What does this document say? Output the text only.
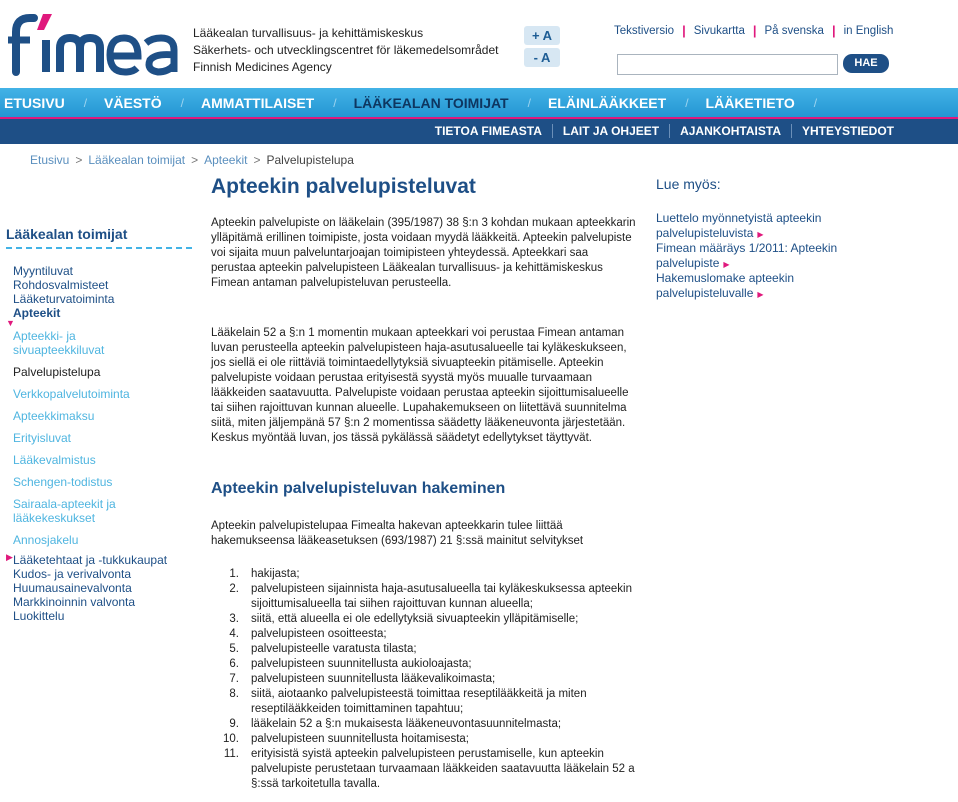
Lääkealan turvallisuus- ja kehittämiskeskus
Säkerhets- och utvecklingscentret för läkemedelsområdet
Finnish Medicines Agency
+ A
- A
Tekstiversio | Sivukartta | På svenska | in English
HAE
ETUSIVU	/ VÄESTÖ	/ AMMATTILAISET	/ LÄÄKEALAN TOIMIJAT	/ ELÄINLÄÄKKEET	/ LÄÄKETIETO	/
TIETOA FIMEASTA	LAIT JA OHJEET	AJANKOHTAISTA	YHTEYSTIEDOT
Etusivu > Lääkealan toimijat > Apteekit > Palvelupistelupa
Lääkealan toimijat
Myyntiluvat
Rohdosvalmisteet
Lääketurvatoiminta
▼
Apteekit
Apteekki- ja sivuapteekkiluvat
Palvelupistelupa
Verkkopalvelutoiminta
Apteekkimaksu
Erityisluvat
Lääkevalmistus
Schengen-todistus
Sairaala-apteekit ja lääkekeskukset
Annosjakelu
▶ Lääketehtaat ja -tukkukaupat
Kudos- ja verivalvonta
Huumausainevalvonta
Markkinoinnin valvonta
Luokittelu
Apteekin palvelupisteluvat

Apteekin palvelupiste on lääkelain (395/1987) 38 §:n 3 kohdan mukaan apteekkarin ylläpitämä erillinen toimipiste, josta voidaan myydä lääkkeitä. Apteekin palvelupiste voi sijaita muun palveluntarjoajan toimipisteen yhteydessä. Apteekkari saa perustaa apteekin palvelupisteen Lääkealan turvallisuus- ja kehittämiskeskus Fimean antaman palvelupisteluvan perusteella.

Lääkelain 52 a §:n 1 momentin mukaan apteekkari voi perustaa Fimean antaman luvan perusteella apteekin palvelupisteen haja-asutusalueelle tai kyläkeskukseen, jos siellä ei ole riittäviä toimintaedellytyksiä sivuapteekin pitämiselle. Apteekin palvelupiste voidaan perustaa erityisestä syystä myös muualle turvaamaan lääkkeiden saatavuutta. Palvelupiste voidaan perustaa apteekin sijoittumisalueelle tai siihen rajoittuvan kunnan alueelle. Lupahakemukseen on liitettävä suunnitelma siitä, miten jäljempänä 57 §:n 2 momentissa säädetty lääkeneuvonta järjestetään. Keskus myöntää luvan, jos tässä pykälässä säädetyt edellytykset täyttyvät.

Apteekin palvelupisteluvan hakeminen

Apteekin palvelupistelupaa Fimealta hakevan apteekkarin tulee liittää hakemukseensa lääkeasetuksen (693/1987) 21 §:ssä mainitut selvitykset

1.	hakijasta;
2.	palvelupisteen sijainnista haja-asutusalueella tai kyläkeskuksessa apteekin sijoittumisalueella tai siihen rajoittuvan kunnan alueella;
3.	siitä, että alueella ei ole edellytyksiä sivuapteekin ylläpitämiselle;
4.	palvelupisteen osoitteesta;
5.	palvelupisteelle varatusta tilasta;
6.	palvelupisteen suunnitellusta aukioloajasta;
7.	palvelupisteen suunnitellusta lääkevalikoimasta;
8.	siitä, aiotaanko palvelupisteestä toimittaa reseptilääkkeitä ja miten reseptilääkkeiden toimittaminen tapahtuu;
9.	lääkelain 52 a §:n mukaisesta lääkeneuvontasuunnitelmasta;
10.	palvelupisteen suunnitellusta hoitamisesta;
11.	erityisistä syistä apteekin palvelupisteen perustamiselle, kun apteekin palvelupiste perustetaan turvaamaan lääkkeiden saatavuutta lääkelain 52 a §:ssä tarkoitetulla tavalla.
Lue myös:
Luettelo myönnetyistä apteekin palvelupisteluvista ▶
Fimean määräys 1/2011: Apteekin palvelupiste ▶
Hakemuslomake apteekin palvelupisteluvalle ▶
